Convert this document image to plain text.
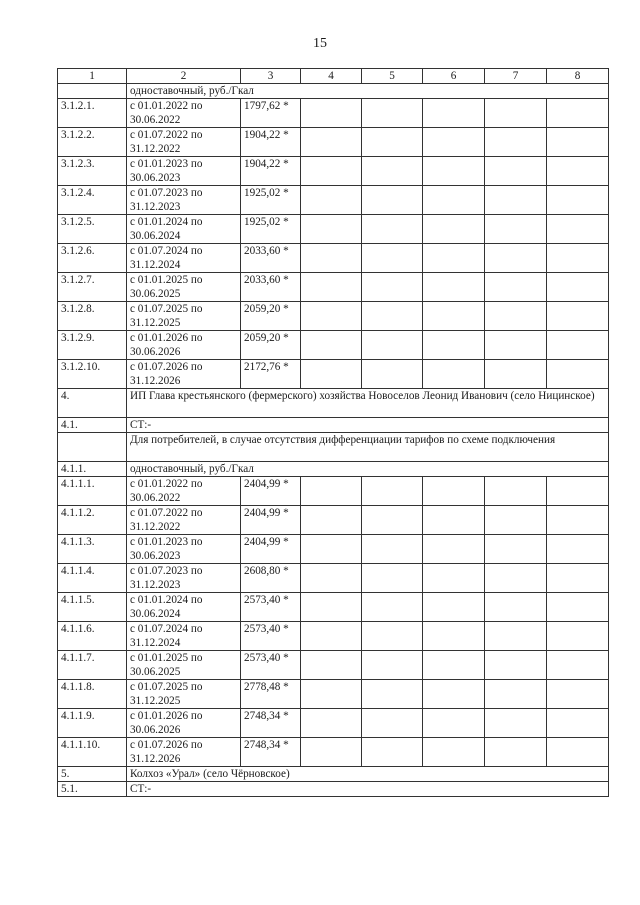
15
1	2	3	4	5	6	7	8
	одноставочный, руб./Гкал						
3.1.2.1.	с 01.01.2022 по 30.06.2022	1797,62 *					
3.1.2.2.	с 01.07.2022 по 31.12.2022	1904,22 *					
3.1.2.3.	с 01.01.2023 по 30.06.2023	1904,22 *					
3.1.2.4.	с 01.07.2023 по 31.12.2023	1925,02 *					
3.1.2.5.	с 01.01.2024 по 30.06.2024	1925,02 *					
3.1.2.6.	с 01.07.2024 по 31.12.2024	2033,60 *					
3.1.2.7.	с 01.01.2025 по 30.06.2025	2033,60 *					
3.1.2.8.	с 01.07.2025 по 31.12.2025	2059,20 *					
3.1.2.9.	с 01.01.2026 по 30.06.2026	2059,20 *					
3.1.2.10.	с 01.07.2026 по 31.12.2026	2172,76 *					
4.	ИП Глава крестьянского (фермерского) хозяйства Новоселов Леонид Иванович (село Ницинское)						
4.1.	СТ:-						
	Для потребителей, в случае отсутствия дифференциации тарифов по схеме подключения						
4.1.1.	одноставочный, руб./Гкал						
4.1.1.1.	с 01.01.2022 по 30.06.2022	2404,99 *					
4.1.1.2.	с 01.07.2022 по 31.12.2022	2404,99 *					
4.1.1.3.	с 01.01.2023 по 30.06.2023	2404,99 *					
4.1.1.4.	с 01.07.2023 по 31.12.2023	2608,80 *					
4.1.1.5.	с 01.01.2024 по 30.06.2024	2573,40 *					
4.1.1.6.	с 01.07.2024 по 31.12.2024	2573,40 *					
4.1.1.7.	с 01.01.2025 по 30.06.2025	2573,40 *					
4.1.1.8.	с 01.07.2025 по 31.12.2025	2778,48 *					
4.1.1.9.	с 01.01.2026 по 30.06.2026	2748,34 *					
4.1.1.10.	с 01.07.2026 по 31.12.2026	2748,34 *					
5.	Колхоз «Урал» (село Чёрновское)						
5.1.	СТ:-						
